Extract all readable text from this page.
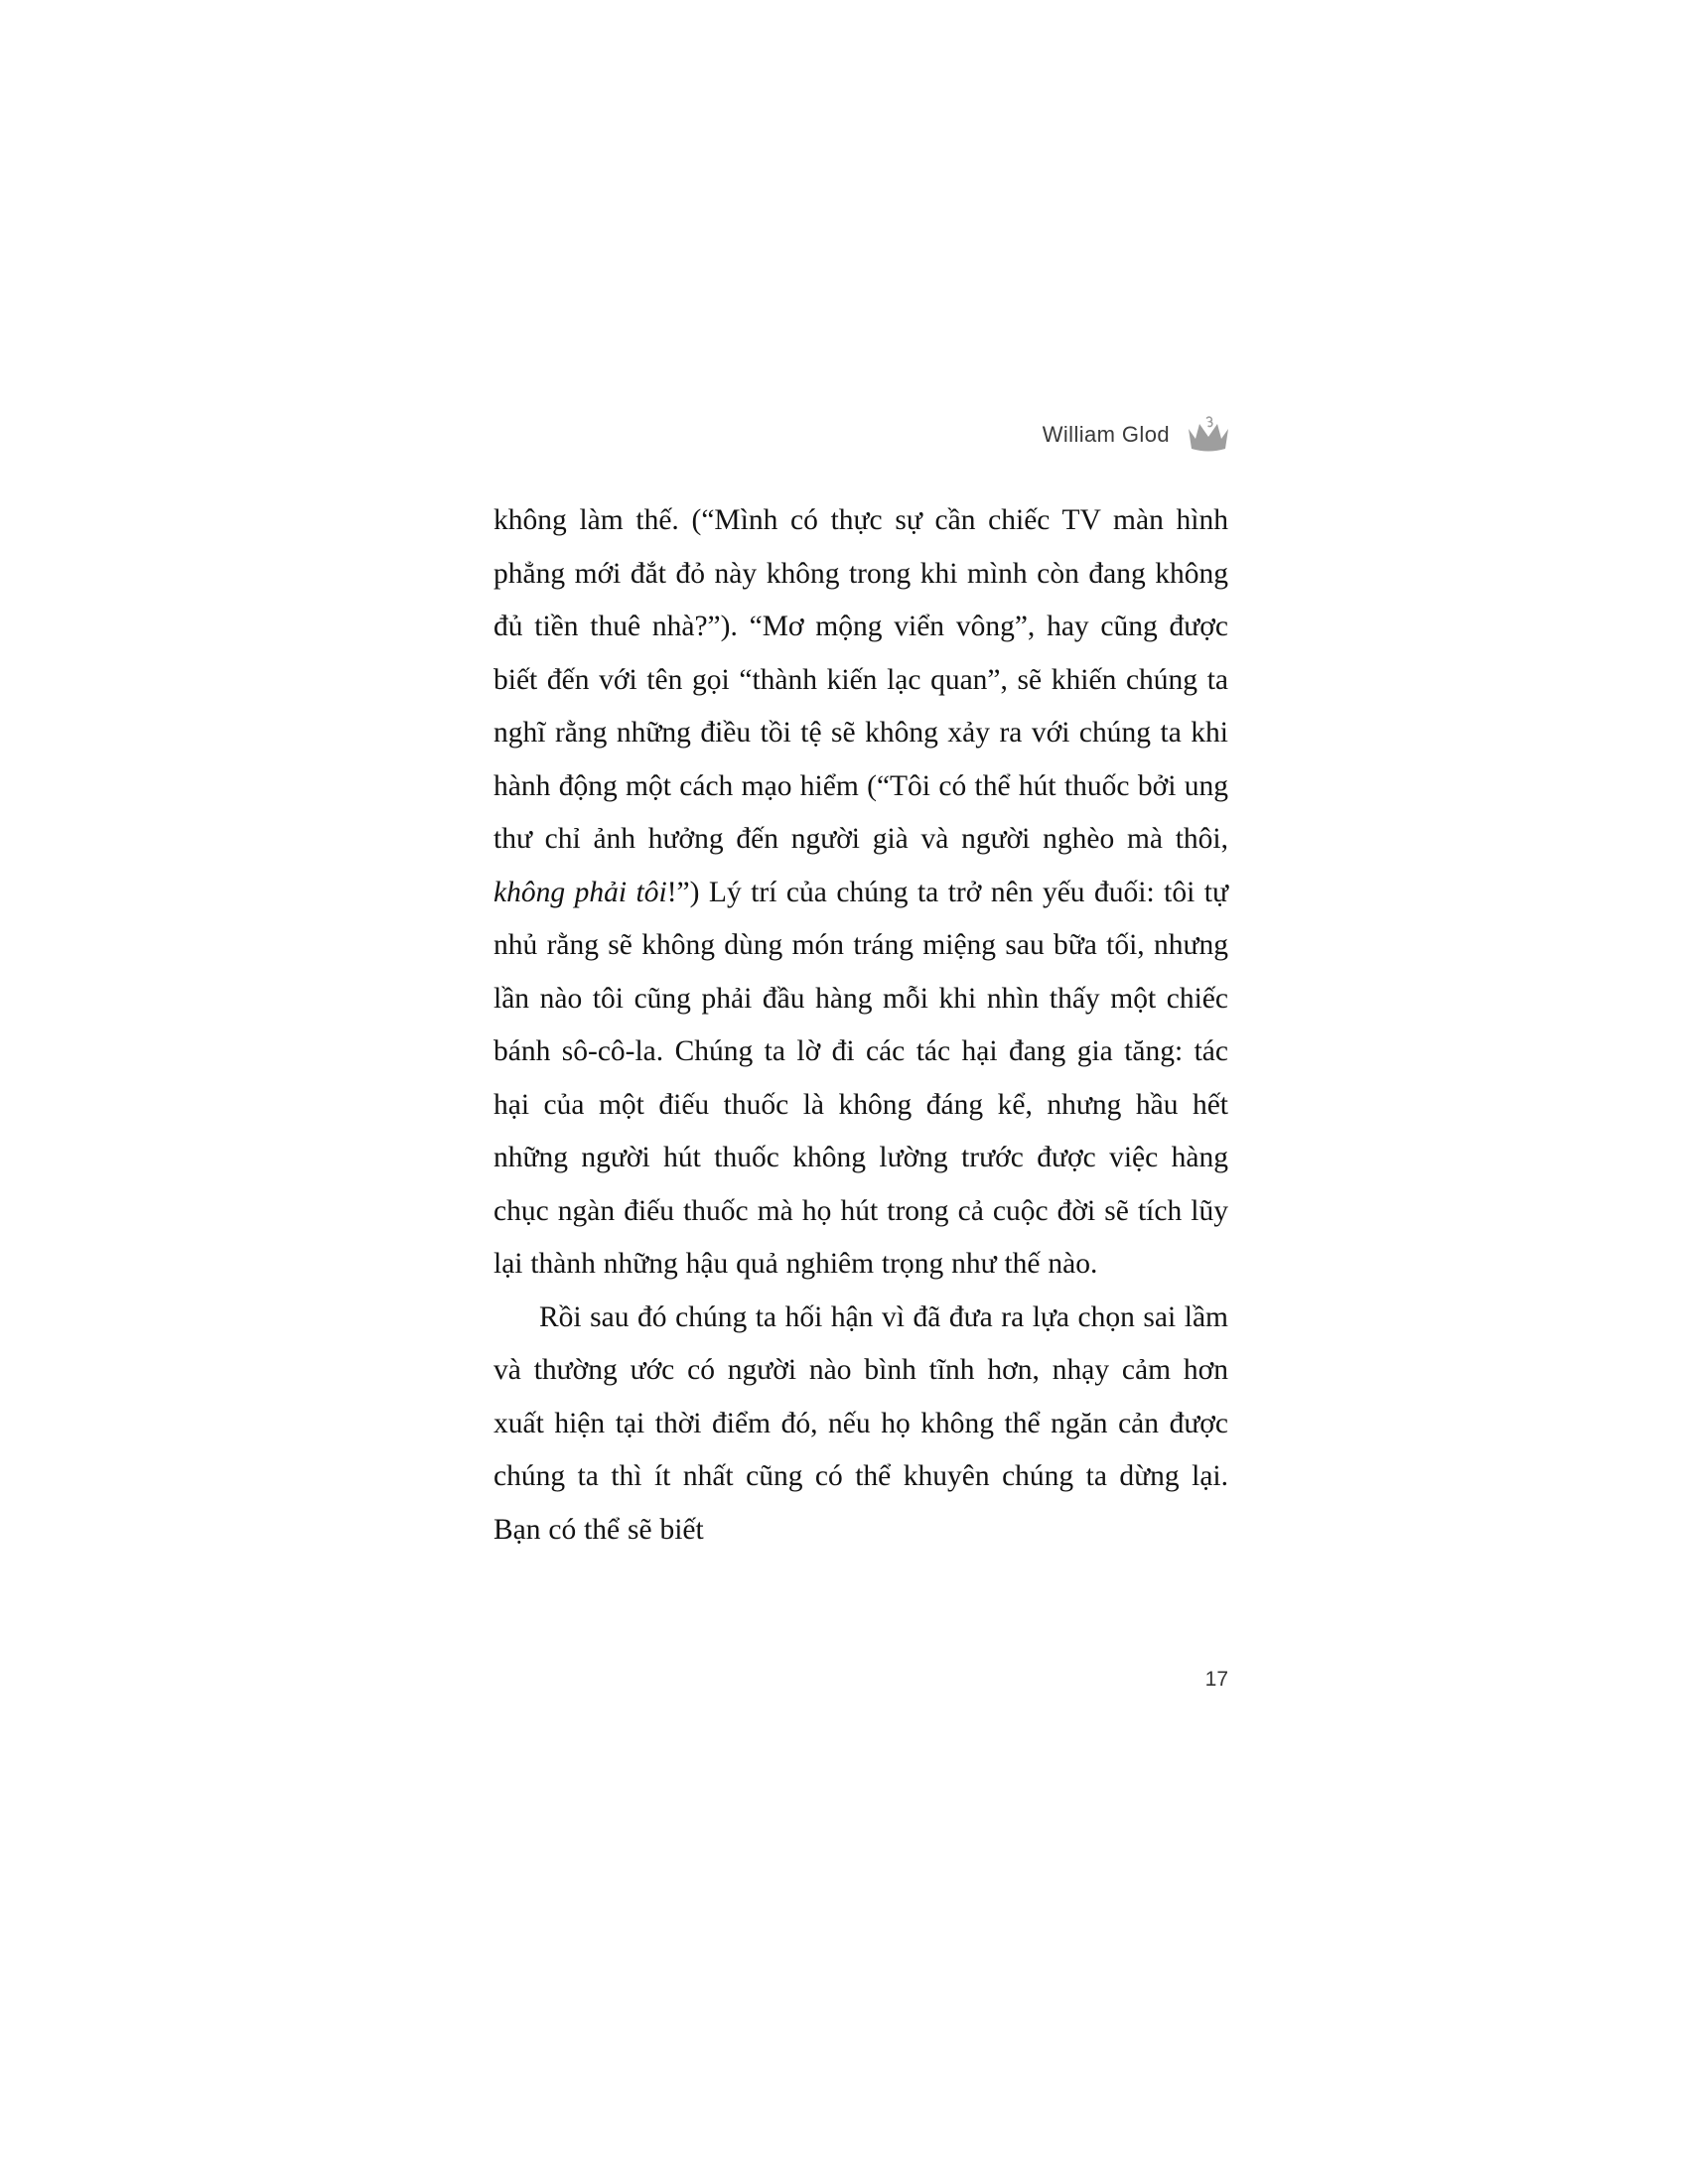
William Glod

không làm thế. (“Mình có thực sự cần chiếc TV màn hình phẳng mới đắt đỏ này không trong khi mình còn đang không đủ tiền thuê nhà?”). “Mơ mộng viển vông”, hay cũng được biết đến với tên gọi “thành kiến lạc quan”, sẽ khiến chúng ta nghĩ rằng những điều tồi tệ sẽ không xảy ra với chúng ta khi hành động một cách mạo hiểm (“Tôi có thể hút thuốc bởi ung thư chỉ ảnh hưởng đến người già và người nghèo mà thôi, không phải tôi!”) Lý trí của chúng ta trở nên yếu đuối: tôi tự nhủ rằng sẽ không dùng món tráng miệng sau bữa tối, nhưng lần nào tôi cũng phải đầu hàng mỗi khi nhìn thấy một chiếc bánh sô-cô-la. Chúng ta lờ đi các tác hại đang gia tăng: tác hại của một điếu thuốc là không đáng kể, nhưng hầu hết những người hút thuốc không lường trước được việc hàng chục ngàn điếu thuốc mà họ hút trong cả cuộc đời sẽ tích lũy lại thành những hậu quả nghiêm trọng như thế nào.

Rồi sau đó chúng ta hối hận vì đã đưa ra lựa chọn sai lầm và thường ước có người nào bình tĩnh hơn, nhạy cảm hơn xuất hiện tại thời điểm đó, nếu họ không thể ngăn cản được chúng ta thì ít nhất cũng có thể khuyên chúng ta dừng lại. Bạn có thể sẽ biết

17
